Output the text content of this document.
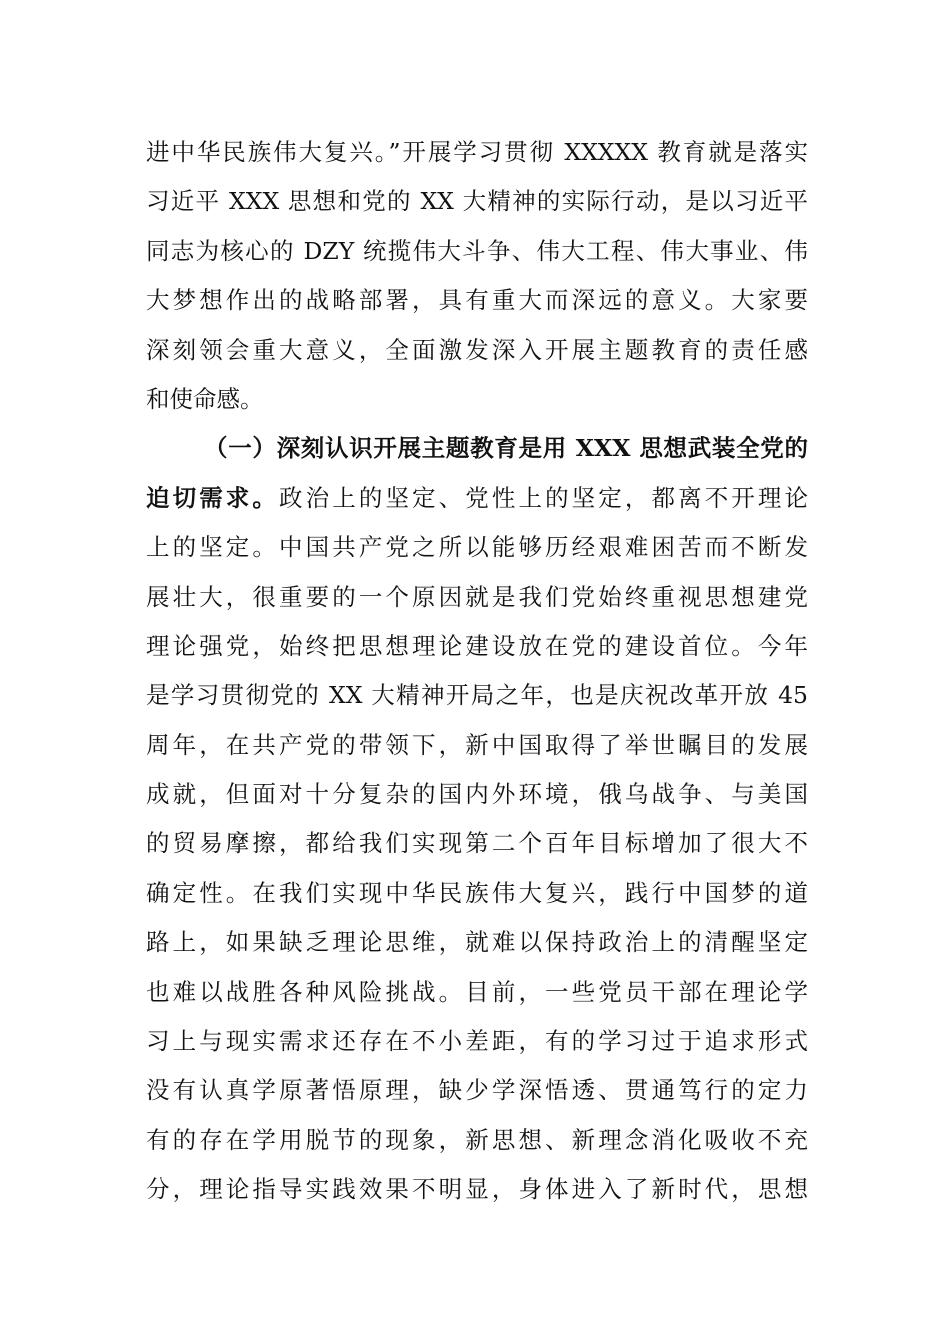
进中华民族伟大复兴。”开展学习贯彻 XXXXX 教育就是落实
习近平 XXX 思想和党的 XX 大精神的实际行动，是以习近平
同志为核心的 DZY 统揽伟大斗争、伟大工程、伟大事业、伟
大梦想作出的战略部署，具有重大而深远的意义。大家要
深刻领会重大意义，全面激发深入开展主题教育的责任感
和使命感。
（一）深刻认识开展主题教育是用 XXX 思想武装全党的
迫切需求。政治上的坚定、党性上的坚定，都离不开理论
上的坚定。中国共产党之所以能够历经艰难困苦而不断发
展壮大，很重要的一个原因就是我们党始终重视思想建党
理论强党，始终把思想理论建设放在党的建设首位。今年
是学习贯彻党的 XX 大精神开局之年，也是庆祝改革开放 45
周年，在共产党的带领下，新中国取得了举世瞩目的发展
成就，但面对十分复杂的国内外环境，俄乌战争、与美国
的贸易摩擦，都给我们实现第二个百年目标增加了很大不
确定性。在我们实现中华民族伟大复兴，践行中国梦的道
路上，如果缺乏理论思维，就难以保持政治上的清醒坚定
也难以战胜各种风险挑战。目前，一些党员干部在理论学
习上与现实需求还存在不小差距，有的学习过于追求形式
没有认真学原著悟原理，缺少学深悟透、贯通笃行的定力
有的存在学用脱节的现象，新思想、新理念消化吸收不充
分，理论指导实践效果不明显，身体进入了新时代，思想
